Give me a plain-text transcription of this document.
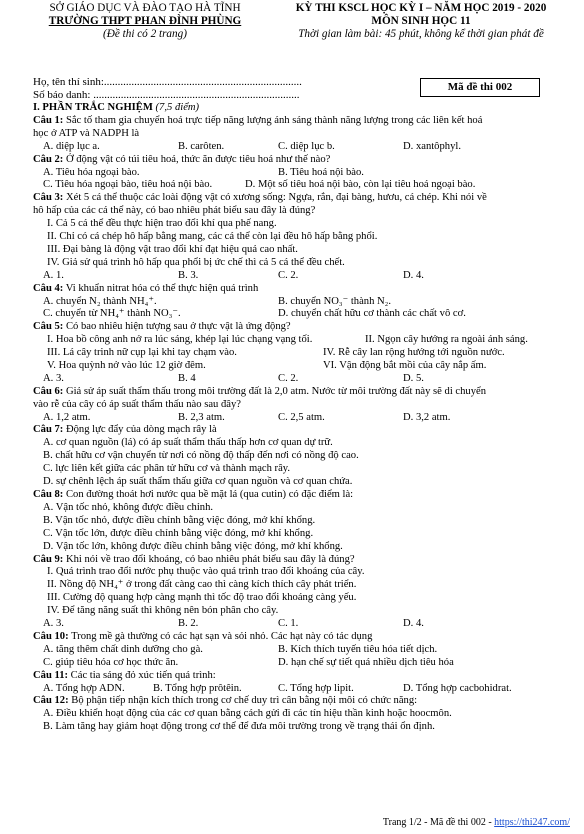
SỞ GIÁO DỤC VÀ ĐÀO TẠO HÀ TĨNH
TRƯỜNG THPT PHAN ĐÌNH PHÙNG
(Đề thi có 2 trang)
KỲ THI KSCL HỌC KỲ I – NĂM HỌC 2019 - 2020
MÔN SINH HỌC 11
Thời gian làm bài: 45 phút, không kể thời gian phát đề
Họ, tên thí sinh:........................................................................
Số báo danh: ...........................................................................
Mã đề thi 002
I. PHẦN TRẮC NGHIỆM (7,5 điểm)
Câu 1: Sắc tố tham gia chuyển hoá trực tiếp năng lượng ánh sáng thành năng lượng trong các liên kết hoá
học ở ATP và NADPH là
A. diệp lục a.	B. carôten.	C. diệp lục b.	D. xantôphyl.
Câu 2: Ở động vật có túi tiêu hoá, thức ăn được tiêu hoá như thế nào?
A. Tiêu hóa ngoại bào.	B. Tiêu hoá nội bào.
C. Tiêu hóa ngoại bào, tiêu hoá nội bào.	D. Một số tiêu hoá nội bào, còn lại tiêu hoá ngoại bào.
Câu 3: Xét 5 cá thể thuộc các loài động vật có xương sống: Ngựa, rắn, đại bàng, hươu, cá chép. Khi nói về
hô hấp của các cá thể này, có bao nhiêu phát biểu sau đây là đúng?
I. Cả 5 cá thể đều thực hiện trao đổi khí qua phế nang.
II. Chỉ có cá chép hô hấp bằng mang, các cá thể còn lại đều hô hấp bằng phổi.
III. Đại bàng là động vật trao đổi khí đạt hiệu quả cao nhất.
IV. Giả sử quá trình hô hấp qua phổi bị ức chế thì cả 5 cá thể đều chết.
A. 1.	B. 3.	C. 2.	D. 4.
Câu 4: Vi khuẩn nitrat hóa có thể thực hiện quá trình
A. chuyển N₂ thành NH₄⁺.	B. chuyển NO₃⁻ thành N₂.
C. chuyển từ NH₄⁺ thành NO₃⁻.	D. chuyển chất hữu cơ thành các chất vô cơ.
Câu 5: Có bao nhiêu hiện tượng sau ở thực vật là ứng động?
I. Hoa bồ công anh nở ra lúc sáng, khép lại lúc chạng vạng tối.	II. Ngọn cây hướng ra ngoài ánh sáng.
III. Lá cây trinh nữ cụp lại khi tay chạm vào.	IV. Rễ cây lan rộng hướng tới nguồn nước.
V. Hoa quỳnh nở vào lúc 12 giờ đêm.	VI. Vận động bắt mồi của cây nắp ấm.
A. 3.	B. 4	C. 2.	D. 5.
Câu 6: Giả sử áp suất thẩm thấu trong môi trường đất là 2,0 atm. Nước từ môi trường đất này sẽ di chuyển
vào rễ của cây có áp suất thẩm thấu nào sau đây?
A. 1,2 atm.	B. 2,3 atm.	C. 2,5 atm.	D. 3,2 atm.
Câu 7: Động lực đẩy của dòng mạch rây là
A. cơ quan nguồn (lá) có áp suất thẩm thấu thấp hơn cơ quan dự trữ.
B. chất hữu cơ vận chuyển từ nơi có nồng độ thấp đến nơi có nồng độ cao.
C. lực liên kết giữa các phân tử hữu cơ và thành mạch rây.
D. sự chênh lệch áp suất thẩm thấu giữa cơ quan nguồn và cơ quan chứa.
Câu 8: Con đường thoát hơi nước qua bề mặt lá (qua cutin) có đặc điểm là:
A. Vận tốc nhỏ, không được điều chỉnh.
B. Vận tốc nhỏ, được điều chỉnh bằng việc đóng, mở khí khổng.
C. Vận tốc lớn, được điều chỉnh bằng việc đóng, mở khí khổng.
D. Vận tốc lớn, không được điều chỉnh bằng việc đóng, mở khí khổng.
Câu 9: Khi nói về trao đổi khoáng, có bao nhiêu phát biểu sau đây là đúng?
I. Quá trình trao đổi nước phụ thuộc vào quá trình trao đổi khoáng của cây.
II. Nồng độ NH₄⁺ ở trong đất càng cao thì càng kích thích cây phát triển.
III. Cường độ quang hợp càng mạnh thì tốc độ trao đổi khoáng càng yếu.
IV. Để tăng năng suất thì không nên bón phân cho cây.
A. 3.	B. 2.	C. 1.	D. 4.
Câu 10: Trong mề gà thường có các hạt sạn và sỏi nhỏ. Các hạt này có tác dụng
A. tăng thêm chất dinh dưỡng cho gà.	B. Kích thích tuyến tiêu hóa tiết dịch.
C. giúp tiêu hóa cơ học thức ăn.	D. hạn chế sự tiết quá nhiều dịch tiêu hóa
Câu 11: Các tia sáng đỏ xúc tiến quá trình:
A. Tổng hợp ADN.	B. Tổng hợp prôtêin.	C. Tổng hợp lipit.	D. Tổng hợp cacbohidrat.
Câu 12: Bộ phận tiếp nhận kích thích trong cơ chế duy trì cân bằng nội môi có chức năng:
A. Điều khiển hoạt động của các cơ quan bằng cách gửi đi các tín hiệu thần kinh hoặc hoocmôn.
B. Làm tăng hay giảm hoạt động trong cơ thể để đưa môi trường trong về trạng thái ổn định.
Trang 1/2 - Mã đề thi 002 - https://thi247.com/
